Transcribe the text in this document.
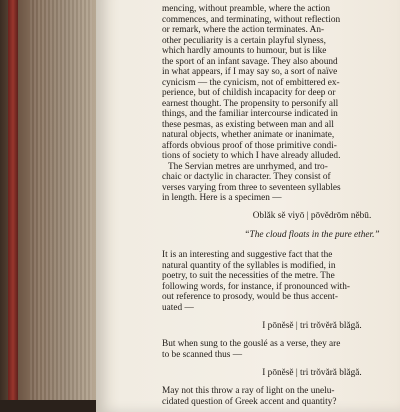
mencing, without preamble, where the action
commences, and terminating, without reflection
or remark, where the action terminates. An-
other peculiarity is a certain playful slyness,
which hardly amounts to humour, but is like
the sport of an infant savage. They also abound
in what appears, if I may say so, a sort of naïve
cynicism — the cynicism, not of embittered ex-
perience, but of childish incapacity for deep or
earnest thought. The propensity to personify all
things, and the familiar intercourse indicated in
these pesmas, as existing between man and all
natural objects, whether animate or inanimate,
affords obvious proof of those primitive condi-
tions of society to which I have already alluded.
The Servian metres are unrhymed, and tro-
chaic or dactylic in character. They consist of
verses varying from three to seventeen syllables
in length. Here is a specimen —
Oblăk sĕ viyō | pōvĕdrōm nĕbū.
“The cloud floats in the pure ether.”
It is an interesting and suggestive fact that the
natural quantity of the syllables is modified, in
poetry, to suit the necessities of the metre. The
following words, for instance, if pronounced with-
out reference to prosody, would be thus accent-
uated —
I pōnĕsĕ | tri trŏvĕră blăgă.
But when sung to the gouslé as a verse, they are
to be scanned thus —
I pōnĕsĕ | tri trŏvără blăgă.
May not this throw a ray of light on the unelu-
cidated question of Greek accent and quantity?
